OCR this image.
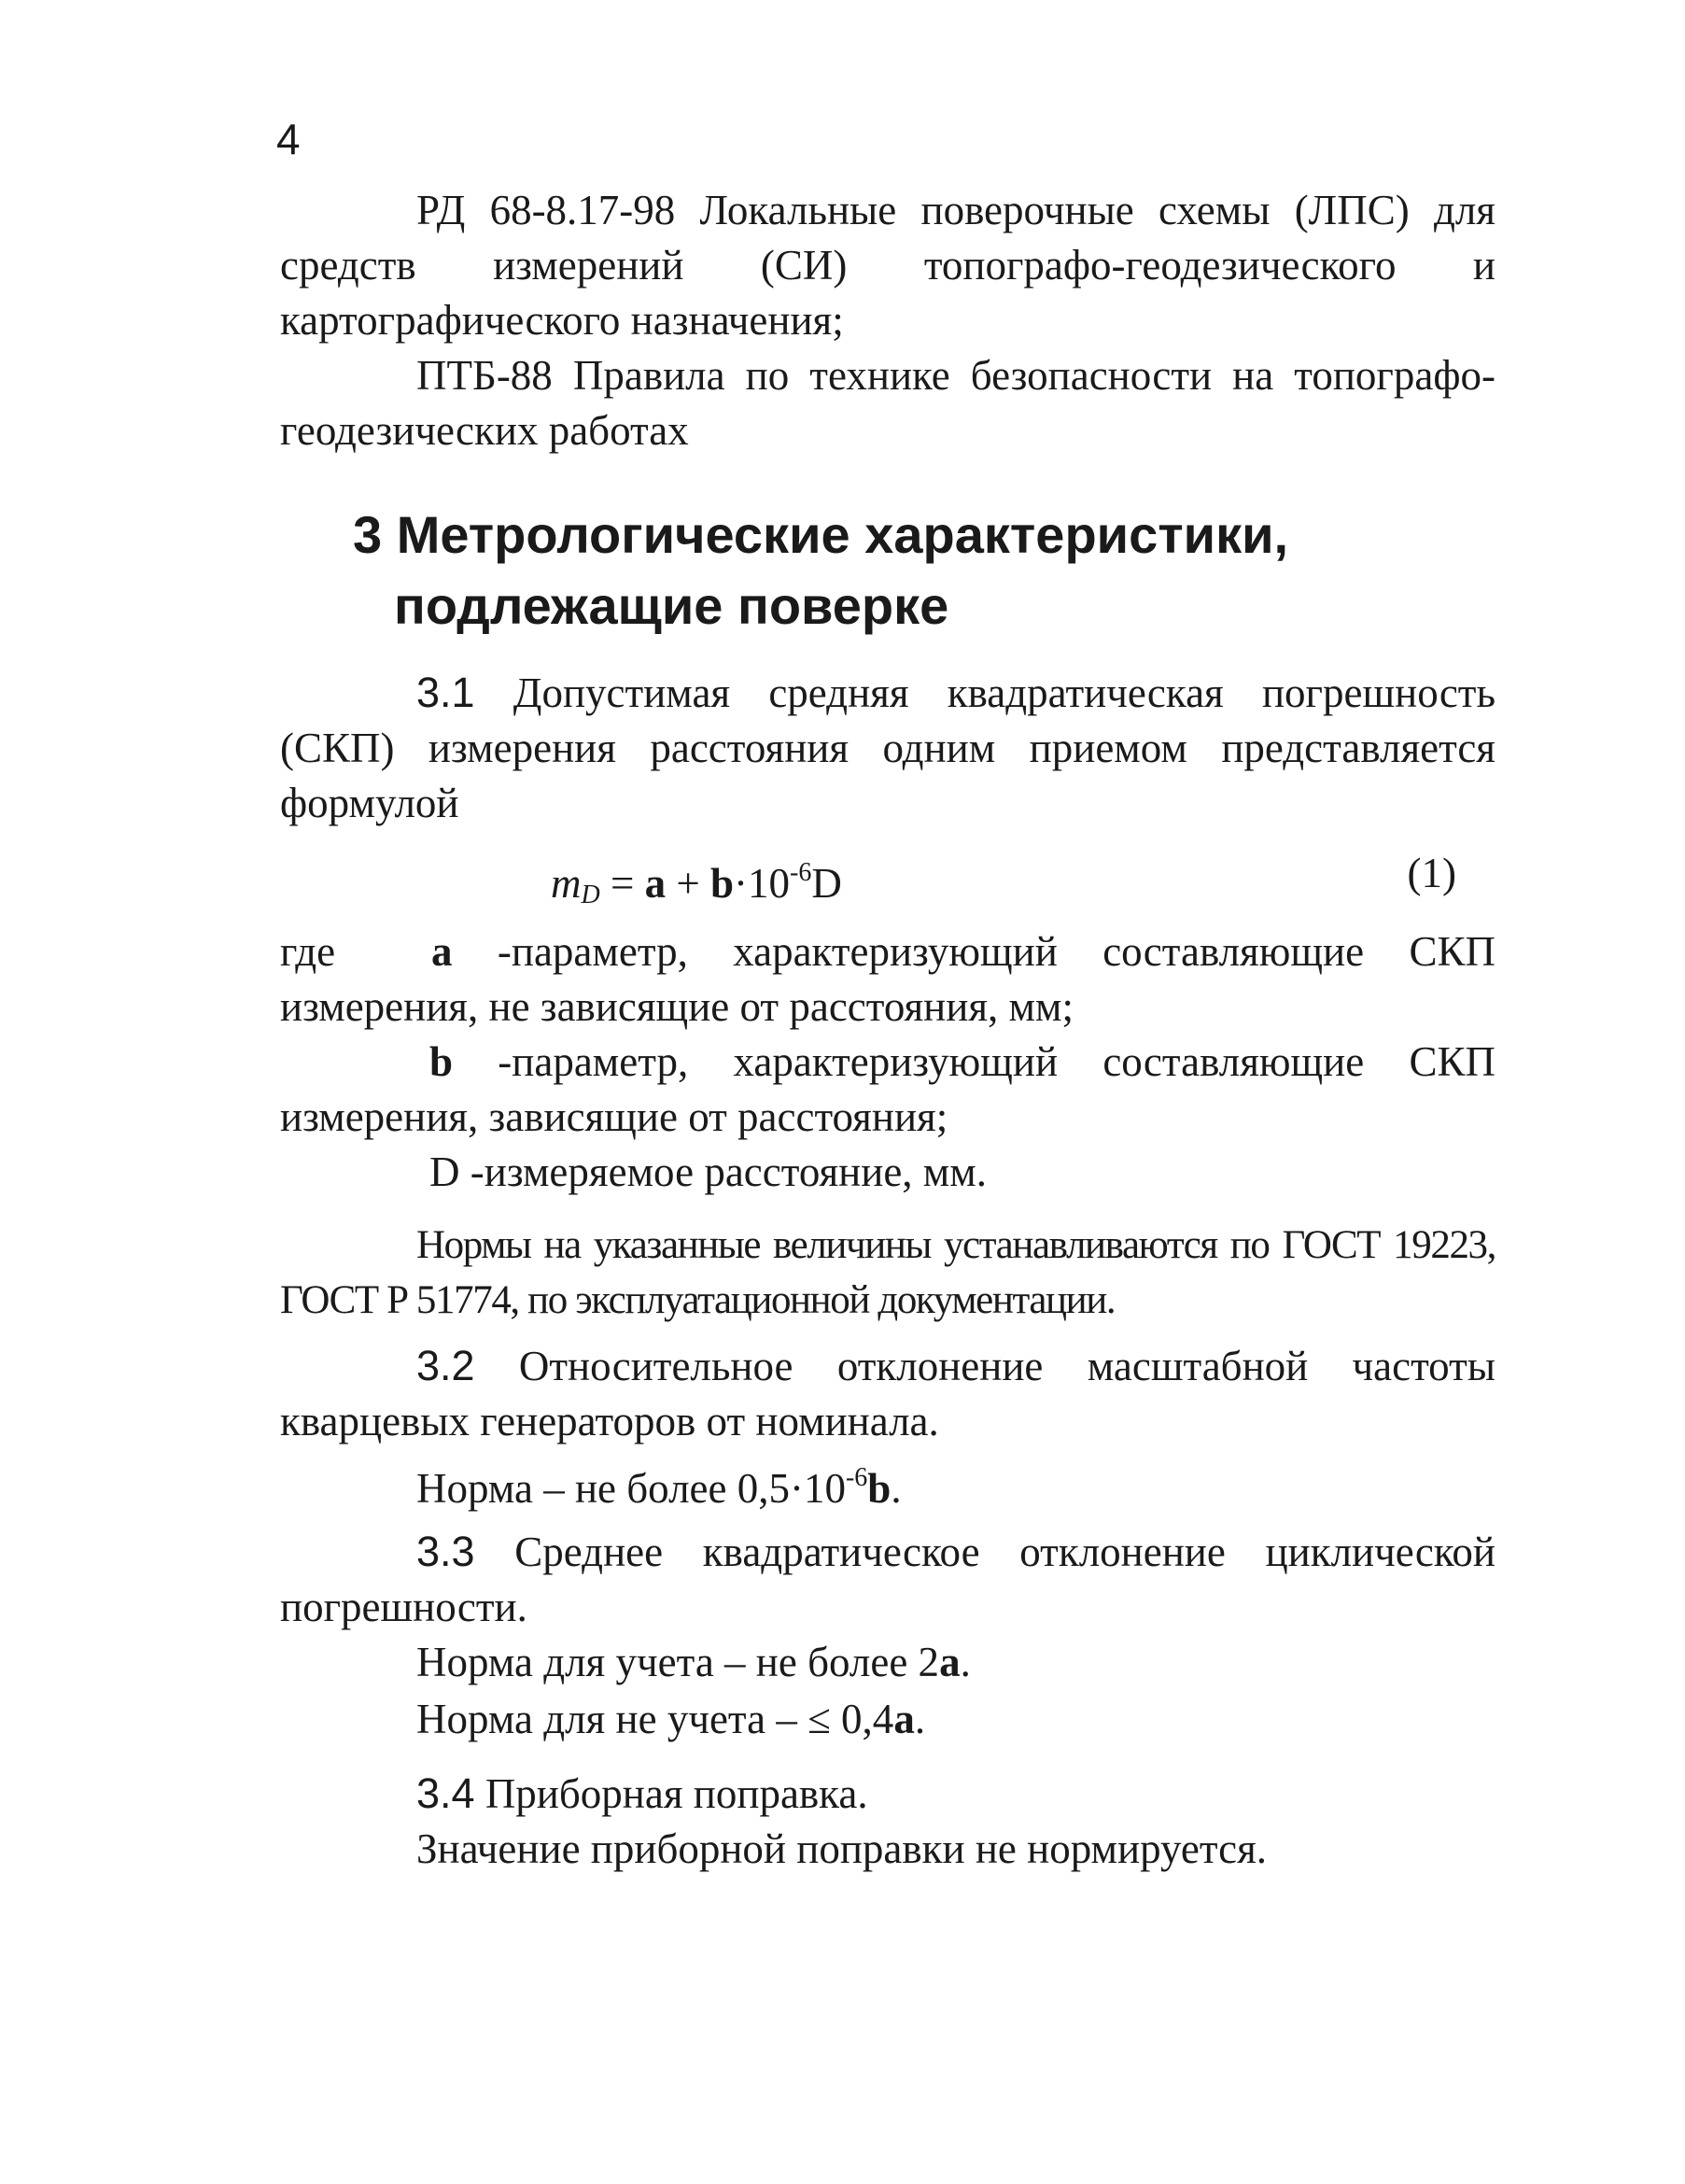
4

РД 68-8.17-98 Локальные поверочные схемы (ЛПС) для средств измерений (СИ) топографо-геодезического и картографического назначения;

ПТБ-88 Правила по технике безопасности на топографо-геодезических работах

3 Метрологические характеристики,
подлежащие поверке

3.1 Допустимая средняя квадратическая погрешность (СКП) измерения расстояния одним приемом представляется формулой

$m_D = a + b\cdot 10^{-6}D$	(1)

где a -параметр, характеризующий составляющие СКП измерения, не зависящие от расстояния, мм;

b -параметр, характеризующий составляющие СКП измерения, зависящие от расстояния;

D -измеряемое расстояние, мм.

Нормы на указанные величины устанавливаются по ГОСТ 19223, ГОСТ Р 51774, по эксплуатационной документации.

3.2 Относительное отклонение масштабной частоты кварцевых генераторов от номинала.

Норма – не более $0,5\cdot 10^{-6}b$.

3.3 Среднее квадратическое отклонение циклической погрешности.

Норма для учета – не более 2a.

Норма для не учета – ≤ 0,4a.

3.4 Приборная поправка.

Значение приборной поправки не нормируется.
